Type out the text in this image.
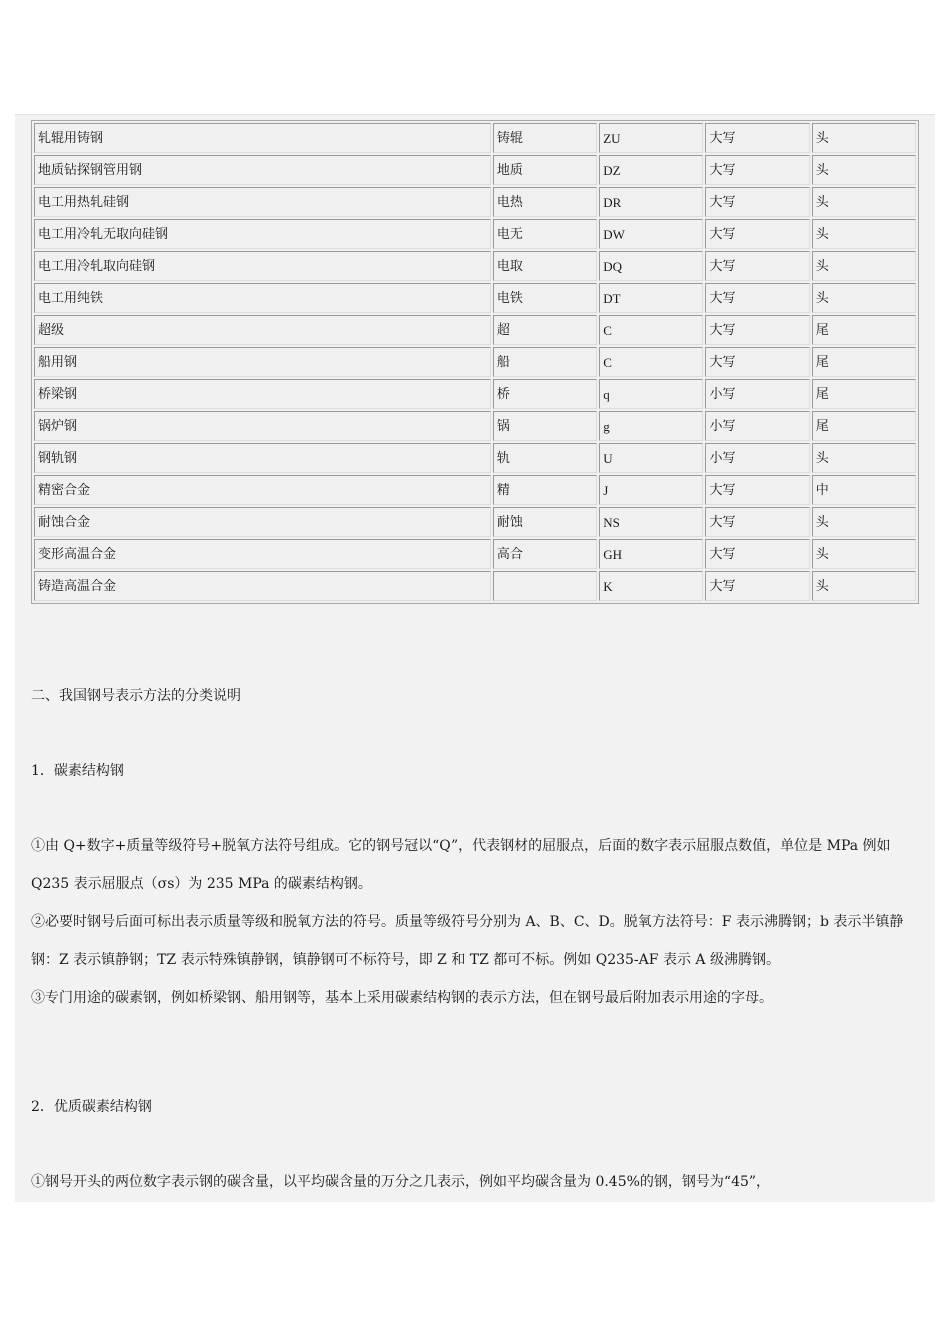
轧辊用铸钢	铸辊	ZU	大写	头
地质钻探钢管用钢	地质	DZ	大写	头
电工用热轧硅钢	电热	DR	大写	头
电工用冷轧无取向硅钢	电无	DW	大写	头
电工用冷轧取向硅钢	电取	DQ	大写	头
电工用纯铁	电铁	DT	大写	头
超级	超	C	大写	尾
船用钢	船	C	大写	尾
桥梁钢	桥	q	小写	尾
锅炉钢	锅	g	小写	尾
钢轨钢	轨	U	小写	头
精密合金	精	J	大写	中
耐蚀合金	耐蚀	NS	大写	头
变形高温合金	高合	GH	大写	头
铸造高温合金		K	大写	头
二、我国钢号表示方法的分类说明
1．碳素结构钢

①由 Q+数字+质量等级符号+脱氧方法符号组成。它的钢号冠以“Q”，代表钢材的屈服点，后面的数字表示屈服点数值，单位是 MPa 例如 Q235 表示屈服点（σs）为 235 MPa 的碳素结构钢。

②必要时钢号后面可标出表示质量等级和脱氧方法的符号。质量等级符号分别为 A、B、C、D。脱氧方法符号：F 表示沸腾钢；b 表示半镇静钢：Z 表示镇静钢；TZ 表示特殊镇静钢，镇静钢可不标符号，即 Z 和 TZ 都可不标。例如 Q235-AF 表示 A 级沸腾钢。

③专门用途的碳素钢，例如桥梁钢、船用钢等，基本上采用碳素结构钢的表示方法，但在钢号最后附加表示用途的字母。

2．优质碳素结构钢
①钢号开头的两位数字表示钢的碳含量，以平均碳含量的万分之几表示，例如平均碳含量为 0.45%的钢，钢号为“45”，
